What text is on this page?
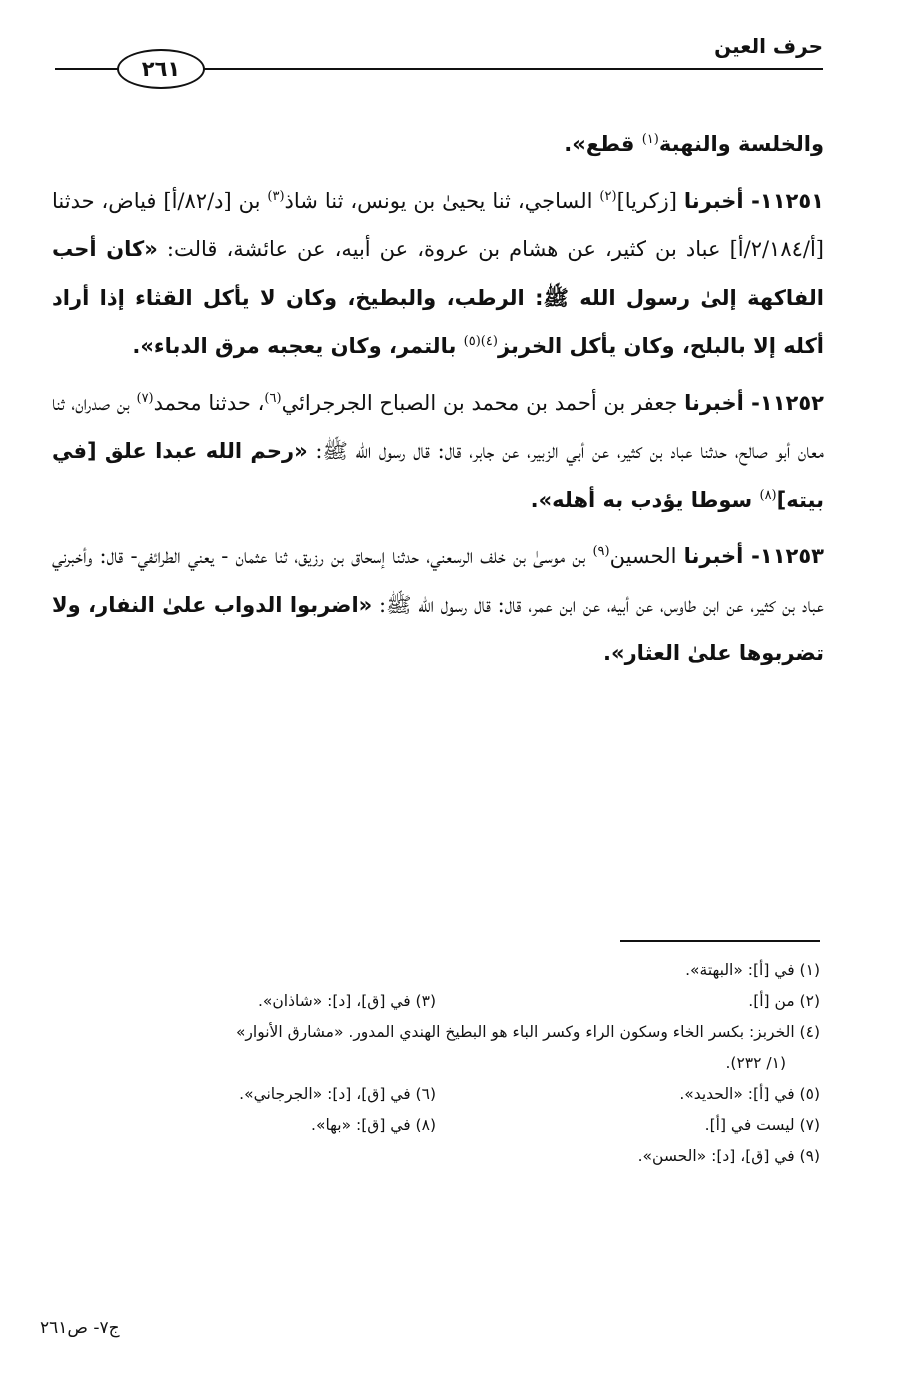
٢٦١
حرف العين

والخلسة والنهبة$^{(١)}$ قطع».

١١٢٥١- أخبرنا [زكريا]$^{(٢)}$ الساجي، ثنا يحيىٰ بن يونس، ثنا شاذ$^{(٣)}$ بن [د/٨٢/أ] فياض، حدثنا [أ/٢/١٨٤/أ] عباد بن كثير، عن هشام بن عروة، عن أبيه، عن عائشة، قالت: «كان أحب الفاكهة إلىٰ رسول الله ﷺ: الرطب، والبطيخ، وكان لا يأكل القثاء إذا أراد أكله إلا بالبلح، وكان يأكل الخربز$^{(٤)(٥)}$ بالتمر، وكان يعجبه مرق الدباء».

١١٢٥٢- أخبرنا جعفر بن أحمد بن محمد بن الصباح الجرجرائي$^{(٦)}$، حدثنا محمد$^{(٧)}$ بن صدران، ثنا معان أبو صالح، حدثنا عباد بن كثير، عن أبي الزبير، عن جابر، قال: قال رسول الله ﷺ: «رحم الله عبدا علق [في بيته]$^{(٨)}$ سوطا يؤدب به أهله».

١١٢٥٣- أخبرنا الحسين$^{(٩)}$ بن موسىٰ بن خلف الرسعني، حدثنا إسحاق بن رزيق، ثنا عثمان - يعني الطرائفي- قال: وأخبرني عباد بن كثير، عن ابن طاوس، عن أبيه، عن ابن عمر، قال: قال رسول الله ﷺ: «اضربوا الدواب علىٰ النفار، ولا تضربوها علىٰ العثار».

(١) في [أ]: «البهتة».
(٢) من [أ].
(٣) في [ق]، [د]: «شاذان».
(٤) الخربز: بكسر الخاء وسكون الراء وكسر الباء هو البطيخ الهندي المدور. «مشارق الأنوار»
(١/ ٢٣٢).
(٥) في [أ]: «الحديد».
(٦) في [ق]، [د]: «الجرجاني».
(٧) ليست في [أ].
(٨) في [ق]: «بها».
(٩) في [ق]، [د]: «الحسن».
ج٧- ص٢٦١
